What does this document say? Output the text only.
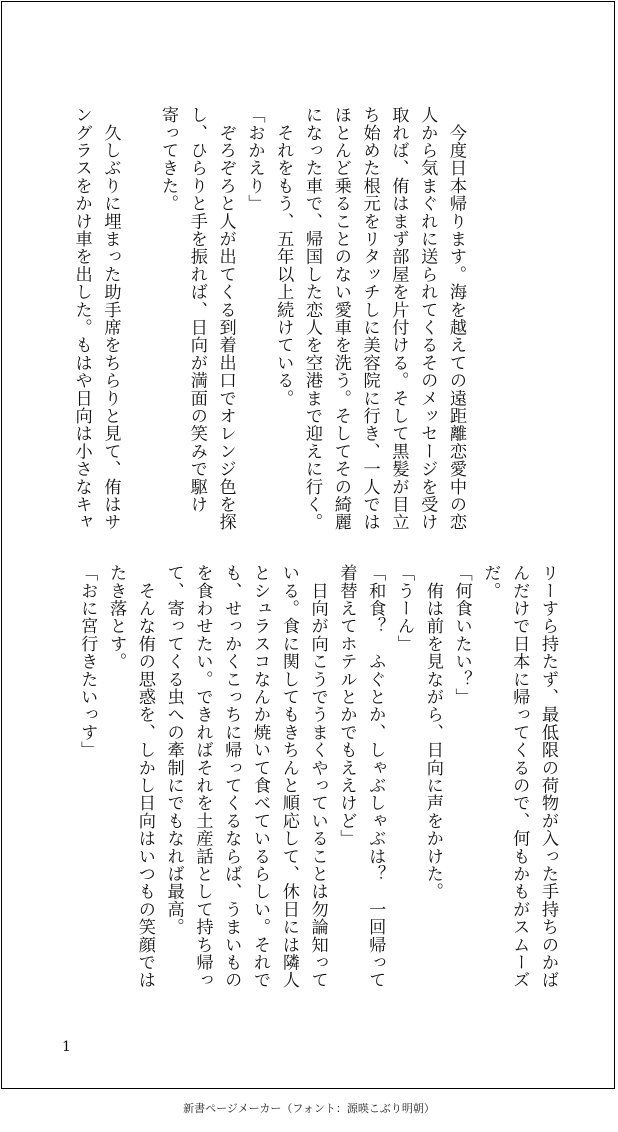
　今度日本帰ります。海を越えての遠距離恋愛中の恋

人から気まぐれに送られてくるそのメッセージを受け

取れば、侑はまず部屋を片付ける。そして黒髪が目立

ち始めた根元をリタッチしに美容院に行き、一人では

ほとんど乗ることのない愛車を洗う。そしてその綺麗

になった車で、帰国した恋人を空港まで迎えに行く。

　それをもう、五年以上続けている。

「おかえり」

　ぞろぞろと人が出てくる到着出口でオレンジ色を探

し、ひらりと手を振れば、日向が満面の笑みで駆け

寄ってきた。

　久しぶりに埋まった助手席をちらりと見て、侑はサ

ングラスをかけ車を出した。もはや日向は小さなキャ

リーすら持たず、最低限の荷物が入った手持ちのかば

んだけで日本に帰ってくるので、何もかもがスムーズ

だ。

「何食いたい？」

　侑は前を見ながら、日向に声をかけた。

「うーん」

「和食？　ふぐとか、しゃぶしゃぶは？　一回帰って

着替えてホテルとかでもええけど」

　日向が向こうでうまくやっていることは勿論知って

いる。食に関してもきちんと順応して、休日には隣人

とシュラスコなんか焼いて食べているらしい。それで

も、せっかくこっちに帰ってくるならば、うまいもの

を食わせたい。できればそれを土産話として持ち帰っ

て、寄ってくる虫への牽制にでもなれば最高。

　そんな侑の思惑を、しかし日向はいつもの笑顔では

たき落とす。

「おに宮行きたいっす」

1
新書ページメーカー（フォント：源暎こぶり明朝）
